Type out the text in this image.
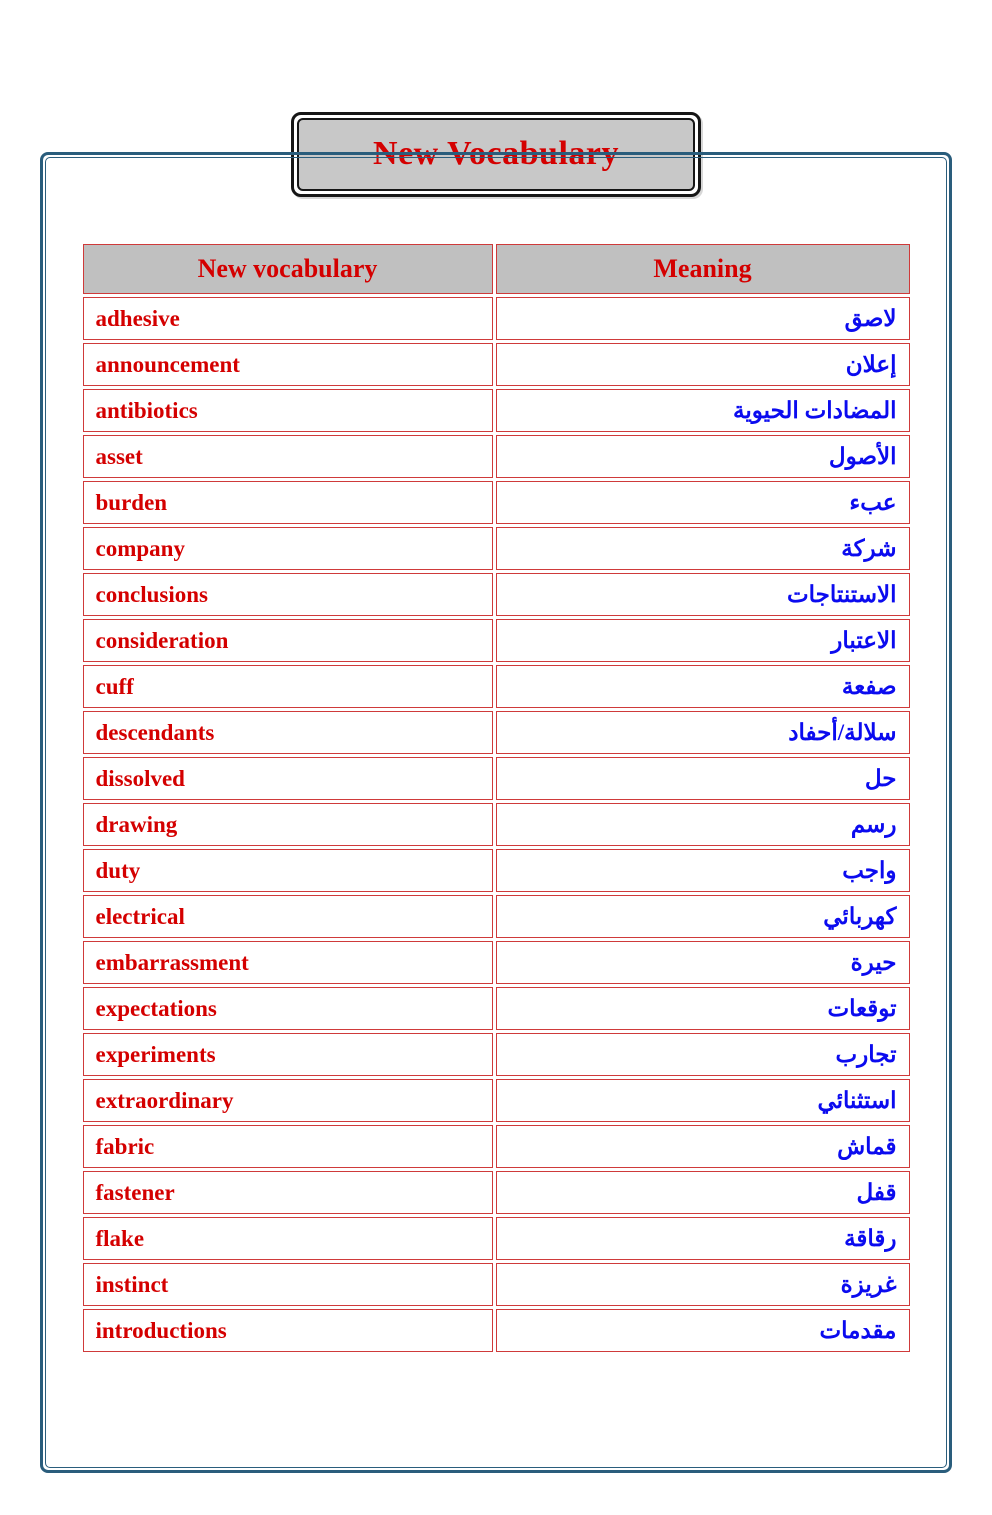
New Vocabulary
New vocabulary	Meaning
adhesive	لاصق
announcement	إعلان
antibiotics	المضادات الحيوية
asset	الأصول
burden	عبء
company	شركة
conclusions	الاستنتاجات
consideration	الاعتبار
cuff	صفعة
descendants	سلالة/أحفاد
dissolved	حل
drawing	رسم
duty	واجب
electrical	كهربائي
embarrassment	حيرة
expectations	توقعات
experiments	تجارب
extraordinary	استثنائي
fabric	قماش
fastener	قفل
flake	رقاقة
instinct	غريزة
introductions	مقدمات
